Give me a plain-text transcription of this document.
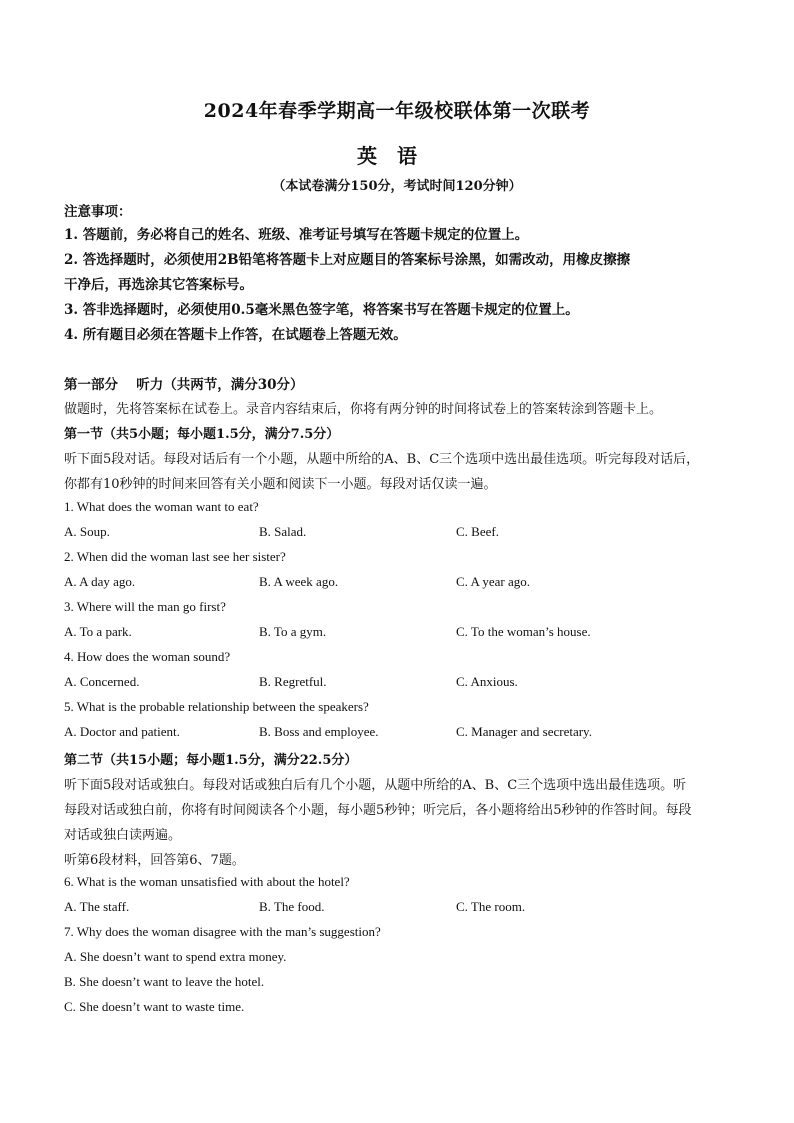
2024年春季学期高一年级校联体第一次联考
英语
（本试卷满分150分，考试时间120分钟）
注意事项：
1. 答题前，务必将自己的姓名、班级、准考证号填写在答题卡规定的位置上。
2. 答选择题时，必须使用2B铅笔将答题卡上对应题目的答案标号涂黑，如需改动，用橡皮擦擦
干净后，再选涂其它答案标号。
3. 答非选择题时，必须使用0.5毫米黑色签字笔，将答案书写在答题卡规定的位置上。
4. 所有题目必须在答题卡上作答，在试题卷上答题无效。
第一部分　 听力（共两节，满分30分）
做题时，先将答案标在试卷上。录音内容结束后，你将有两分钟的时间将试卷上的答案转涂到答题卡上。
第一节（共5小题；每小题1.5分，满分7.5分）
听下面5段对话。每段对话后有一个小题，从题中所给的A、B、C三个选项中选出最佳选项。听完每段对话后，
你都有10秒钟的时间来回答有关小题和阅读下一小题。每段对话仅读一遍。
1. What does the woman want to eat?
A. Soup.	B. Salad.	C. Beef.
2. When did the woman last see her sister?
A. A day ago.	B. A week ago.	C. A year ago.
3. Where will the man go first?
A. To a park.	B. To a gym.	C. To the woman’s house.
4. How does the woman sound?
A. Concerned.	B. Regretful.	C. Anxious.
5. What is the probable relationship between the speakers?
A. Doctor and patient.	B. Boss and employee.	C. Manager and secretary.
第二节（共15小题；每小题1.5分，满分22.5分）
听下面5段对话或独白。每段对话或独白后有几个小题，从题中所给的A、B、C三个选项中选出最佳选项。听
每段对话或独白前，你将有时间阅读各个小题，每小题5秒钟；听完后，各小题将给出5秒钟的作答时间。每段
对话或独白读两遍。
听第6段材料，回答第6、7题。
6. What is the woman unsatisfied with about the hotel?
A. The staff.	B. The food.	C. The room.
7. Why does the woman disagree with the man’s suggestion?
A. She doesn’t want to spend extra money.
B. She doesn’t want to leave the hotel.
C. She doesn’t want to waste time.
